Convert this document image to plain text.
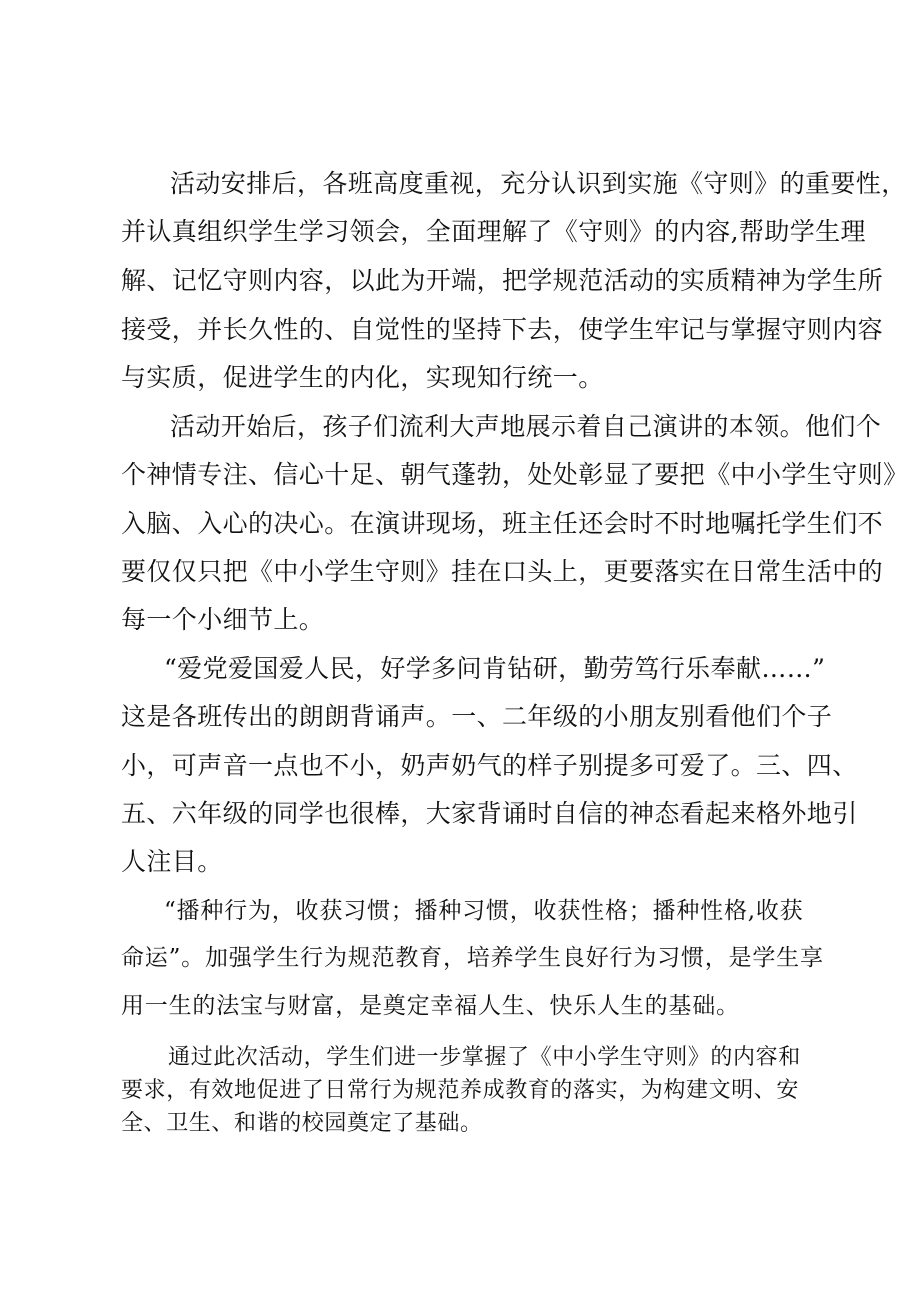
活动安排后，各班高度重视，充分认识到实施《守则》的重要性，
并认真组织学生学习领会，全面理解了《守则》的内容,帮助学生理
解、记忆守则内容，以此为开端，把学规范活动的实质精神为学生所
接受，并长久性的、自觉性的坚持下去，使学生牢记与掌握守则内容
与实质，促进学生的内化，实现知行统一。
活动开始后，孩子们流利大声地展示着自己演讲的本领。他们个
个神情专注、信心十足、朝气蓬勃，处处彰显了要把《中小学生守则》
入脑、入心的决心。在演讲现场，班主任还会时不时地嘱托学生们不
要仅仅只把《中小学生守则》挂在口头上，更要落实在日常生活中的
每一个小细节上。
“爱党爱国爱人民，好学多问肯钻研，勤劳笃行乐奉献……”
这是各班传出的朗朗背诵声。一、二年级的小朋友别看他们个子
小，可声音一点也不小，奶声奶气的样子别提多可爱了。三、四、
五、六年级的同学也很棒，大家背诵时自信的神态看起来格外地引
人注目。
“播种行为，收获习惯；播种习惯，收获性格；播种性格,收获
命运”。加强学生行为规范教育，培养学生良好行为习惯，是学生享
用一生的法宝与财富，是奠定幸福人生、快乐人生的基础。
通过此次活动，学生们进一步掌握了《中小学生守则》的内容和
要求，有效地促进了日常行为规范养成教育的落实，为构建文明、安
全、卫生、和谐的校园奠定了基础。
